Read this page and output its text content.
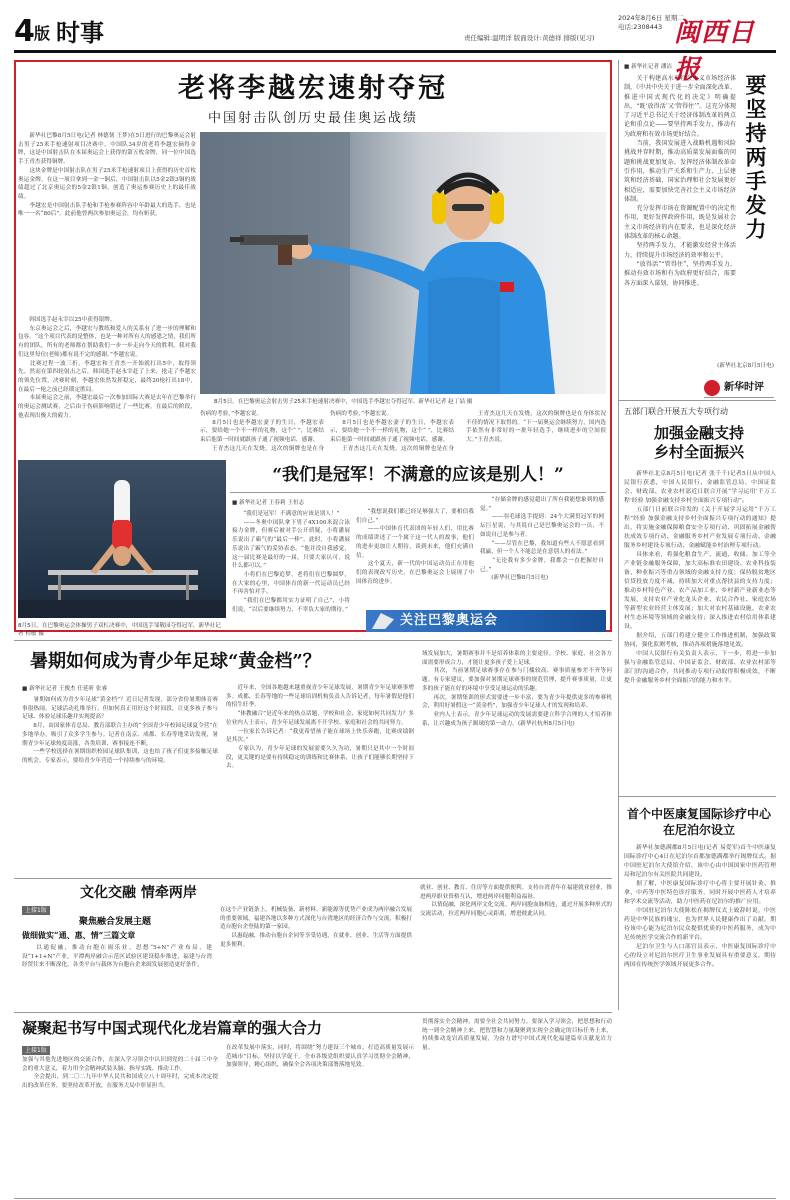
4 版 时事
2024年8月6日 星期二
电话:2308443
责任编辑:温明洋 版面设计:黄德祥 排版(见习)	闽西日报
老将李越宏速射夺冠
中国射击队创历史最佳奥运战绩
　　新华社巴黎8月5日电(记者 林德韧 王梦)在5日进行的巴黎奥运会射击男子25米手枪速射项目决赛中，中国队34岁的老将李越宏摘得金牌，这是中国射击队在本届奥运会上获得的第五枚金牌，同一位中国选手王青杰获得铜牌。
　　这块金牌是中国射击队在男子25米手枪速射项目上获得的历史首枚奥运金牌。在这一项目拿到一金一铜后，中国射击队以5金2银3铜的战绩超过了北京奥运会的5金2银1铜，创造了奥运参赛历史上的最佳战绩。
　　李越宏是中国射击队手枪和手枪参赛阵容中年龄最大的选手，也是唯一一名“80后”。此前他曾两次参加奥运会，均有斩获。
　　韩国选手赵永宰以25中获得银牌。
　　东京奥运会之后，李越宏与教练和爱人的关系有了进一步的理解和包容。“这个项目代表的是整体，也是一种对所有人的感恩之情，我们所有的团队，所有的老师都在帮助我们一步一步走向今天的胜利，我对我们这里每位(老师)都有说不完的感谢。”李越宏说。
　　比赛过程一波三折，李越宏和王青杰一开始就打出5中，取得领先。然而在第四轮射击之后，韩国选手赵永宰赶了上来，抢走了李越宏的领先位置，决赛时刻，李越宏依然发挥稳定，最终20枪打出18中，在最后一枪之前已经锁定胜局。
　　本届奥运会之前，李越宏最后一次参加国际大赛是去年在巴黎举行的奥运会测试赛，之后由于伤病影响错过了一些比赛，在最后的阶段，他表现出极大的毅力。
8月5日，在巴黎奥运会射击男子25米手枪速射决赛中，中国选手李越宏夺得冠军。新华社记者 赵丁喆 摄
伤病的考验，”李越宏说。
　　8月5日也是李越宏妻子的生日，李越宏表示，要给她一个不一样的礼物，这个“ ”，比赛结束后他第一时间就跟孩子通了视频电话，感谢。
　　王青杰这几天在发烧，这次的铜牌也是在身
伤病的考验，”李越宏说。
　　8月5日也是李越宏妻子的生日，李越宏表示，要给她一个不一样的礼物，这个“ ”，比赛结束后他第一时间就跟孩子通了视频电话，感谢。
　　王青杰这几天在发烧，这次的铜牌也是在身
　　王青杰这几天在发烧，这次的铜牌也是在身体状况不佳的情况下取得的。“下一届奥运会继续努力，国内选手依然有非常好的一批年轻选手，继续进步的空间很大。”王青杰说。
“我们是冠军！不满意的应该是别人！”
■ 新华社记者 王春莉 王恒志
　　“我们是冠军！不满意的应该是别人！”
　　——冬奥中国队拿下男子4X100米混合泳接力金牌，但赛后被对手公开质疑，小将潘展乐说出了霸气的“最后一棒”。此时，小将潘展乐说出了霸气的妥协表态。“他并没自我感觉，这一届比赛是最好的一届，只要大家认可，说什么都可以。”
　　小将们在巴黎追梦，老将们在巴黎圆梦，在大家的心里，中国体育的新一代运动员已经不再害怕对手。
　　“我们在巴黎都用实力证明了自己”，小将们说，“以后要继续努力，不辜负大家的期待。”
　　“我想说我们都已经足够强大了，要相信我们自己。”
　　——中国体育代表团的年轻人们，用比赛的成绩讲述了一个属于这一代人的故事，他们的进步更加让人期待，谈到未来，他们充满自信。
　　这个夏天，新一代的中国运动员正在用他们的表现改写历史，在巴黎奥运会上展现了中国体育的进步。
　　“存储金牌的感觉超出了所有我能想象到的感觉。”
　　——羽毛球选手提到：24个大满贯冠军的网坛巨星说，与其说自己是巴黎奥运会的一员，不如说自己是参与者。
　　“——尽管在巴黎，我知道有些人不愿意看到我赢，但一个人不能总是在意别人的看法。”
　　“无论我有多少金牌，我都会一直把握好自己。”
　　(新华社巴黎8月5日电)
8月5日，在巴黎奥运会体操男子双杠决赛中，中国选手邹敬园夺得冠军。新华社记者 程敏 摄
关注巴黎奥运会
■ 新华社记者 潘洁
要坚持两手发力
　　关于构建高水平社会主义市场经济体制，《中共中央关于进一步全面深化改革、推进中国式现代化的决定》明确提出，“既‘放得活’又‘管得住’”。这充分体现了习近平总书记关于经济体制改革的两点论和重点论——要坚持两手发力，推动有为政府和有效市场更好结合。
　　当前，我国发展进入战略机遇和风险挑战并存时期，推动高质量发展面临的问题和挑战更加复杂。发挥经济体制改革牵引作用，推动生产关系和生产力、上层建筑和经济基础、国家治理和社会发展更好相适应，需要加快完善社会主义市场经济体制。
　　充分发挥市场在资源配置中的决定性作用，更好发挥政府作用，既是发展社会主义市场经济的内在要求，也是深化经济体制改革的核心命题。
　　坚持两手发力，才能激发经营主体活力，持续提升市场经济的效率和公平。
　　“放得活”“管得住”，坚持两手发力，推动有效市场和有为政府更好结合，需要各方面深入谋划、协同推进。
(新华社北京8月5日电)
新华时评
五部门联合开展五大专项行动
加强金融支持
乡村全面振兴
　　新华社北京8月5日电(记者 张千千)记者5日从中国人民银行获悉，中国人民银行、金融监管总局、中国证监会、财政部、农业农村部近日联合开展“学习运用‘千万工程’经验 加强金融支持乡村全面振兴专项行动”。
　　五部门日前联合印发的《关于开展学习运用“千万工程”经验 加强金融支持乡村全面振兴专项行动的通知》提出，将实施金融保障粮食安全专项行动、巩固拓展金融帮扶成效专项行动、金融服务乡村产业发展专项行动、金融服务乡村建设专项行动、金融赋能乡村治理专项行动。
　　具体来看，将强化粮食生产、流通、收储、加工等全产业链金融服务保障，加大高标准农田建设、农业科技装备、种业振兴等重点领域的金融支持力度；保持脱贫地区信贷投放力度不减，持续加大对重点帮扶县的支持力度；推动乡村特色产业、农产品加工业、乡村新产业新业态等发展，支持农业产业化龙头企业、农民合作社、家庭农场等新型农业经营主体发展；加大对农村基础设施、农业农村生态环境等领域的金融支持；深入推进农村信用体系建设。
　　据介绍，五部门将建立健全工作推进机制，加强政策协同，强化监测考核，推动各项措施落地见效。
　　中国人民银行有关负责人表示，下一步，将进一步加强与金融监管总局、中国证监会、财政部、农业农村部等部门的沟通合作，共同推动专项行动取得积极成效，不断提升金融服务乡村全面振兴的能力和水平。
暑期如何成为青少年足球“黄金档”？
■ 新华社记者 王俊杰 任延昕 张睿
　　暑期如何成为青少年足球“黄金档”？近日记者发现，部分省份暑期体育赛事很热闹，足球活动扎堆举行。但如何真正用好这个时间段，让更多孩子参与足球、体验足球乐趣并实现提高？
　　8月，由国家体育总局、教育部联合主办的“全国青少年校园足球夏令营”在多地举办，吸引了众多学生参与。记者在南京、成都、长春等地采访发现，暑期青少年足球热度高涨，各类培训、赛事接连不断。
　　一些学校选择在暑期组织校园足球队集训，这也给了孩子们更多接触足球的机会。专家表示，要给青少年营造一个持续参与的环境。
　　近年来，全国各地越来越重视青少年足球发展，暑期青少年足球赛事增多。成都、长春等地的一些足球培训机构负责人告诉记者，每年暑假是他们的招生旺季。
　　“体教融合”是近年来的热点话题，学校和社会、家庭如何共同发力？多位业内人士表示，青少年足球发展离不开学校、家庭和社会的共同努力。
　　一位家长告诉记者：“我更希望孩子能在球场上快乐奔跑，比赛成绩倒是其次。”
　　专家认为，青少年足球的发展需要久久为功，暑期只是其中一个时间段，更关键的是要有持续稳定的训练和比赛体系，让孩子们能够长期坚持下去。
域发展加大，暑期赛事并不是培养体系的主要途径。学校、家庭、社会各方面需要形成合力，才能让更多孩子爱上足球。
　　其次，当前暑期足球赛事存在参与门槛较高、赛事质量参差不齐等问题。有专家建议，要加强对暑期足球赛事的规范管理，提升赛事质量，让更多的孩子能在好的环境中享受足球运动的乐趣。
　　再次，暑期集训的形式需要进一步丰富，要为青少年提供更多的参赛机会，利用好暑假这一“黄金档”，加强青少年足球人才的发现和培养。
　　业内人士表示，青少年足球运动的发展需要建立科学合理的人才培养体系，让兴趣成为孩子踢球的第一动力。(新华社杭州8月5日电)
文化交融 情牵两岸
上接1版
聚焦融合发展主题
做细做实“通、惠、情”三篇文章
　　以通促融，推动台胞在闽乐业。思想“5+N”产业布局，建设“1+1+N”产业，平潭两岸融合示范区试验区建设稳步推进，福建与台湾经贸往来不断深化，各类平台与载体为台胞台企来闽发展创造更好条件。
在这个产业链条上，机械装备、新材料、新能源等优势产业成为两岸融合发展的重要领域。福建各地以多种方式深化与台湾地区的经济合作与交流，积极打造台胞台企登陆的第一家园。
　　以惠促融，推动台胞台企同等享受待遇，在就业、创业、生活等方面提供更多便利。
就业、创业、教育、住房等方面提供便利。支持台湾青年在福建就业创业，推进两岸职业资格互认，增进两岸同胞利益福祉。
　　以情促融，深化两岸文化交流。两岸同胞血脉相连，通过开展多种形式的交流活动，拉近两岸同胞心灵距离，增进彼此认同。
凝聚起书写中国式现代化龙岩篇章的强大合力
上接1版
加强与其他先进地区的交流合作，在深入学习领会中认识到党的二十届三中全会的重大意义，着力用全会精神武装头脑、指导实践、推动工作。
　　全会提出，到二〇二九年中华人民共和国成立八十周年时，完成本决定提出的改革任务。要坚持改革开放，在服务大局中彰显担当。
在改革发展中落实，同时，将围绕“努力建设三个城市，打造高质量发展示范城市”目标，坚持以学促干。全市各级党组织要认真学习贯彻全会精神，加强领导，精心组织，确保全会各项决策部署落地见效。
贯彻落实全会精神，需要全社会共同努力。要深入学习领会，把思想和行动统一到全会精神上来，把智慧和力量凝聚到实现全会确定的目标任务上来，持续推动龙岩高质量发展，为奋力谱写中国式现代化福建篇章贡献龙岩力量。
首个中医康复国际诊疗中心
在尼泊尔设立
　　新华社加德满都8月5日电(记者 易爱军)首个中医康复国际诊疗中心4日在尼泊尔首都加德满都举行揭牌仪式。据中国驻尼泊尔大使馆介绍，该中心由中国国家中医药管理局和尼泊尔有关医院共同建设。
　　据了解，中医康复国际诊疗中心将主要开展针灸、推拿、中药等中医特色诊疗服务，同时开展中医药人才培养和学术交流等活动，助力中医药在尼泊尔的推广应用。
　　中国驻尼泊尔大使陈松在揭牌仪式上致辞时说，中医药是中华民族的瑰宝，也为世界人民健康作出了贡献。期待该中心能为尼泊尔民众提供优质的中医药服务，成为中尼传统医学交流合作的新平台。
　　尼泊尔卫生与人口部官员表示，中医康复国际诊疗中心的设立对尼泊尔医疗卫生事业发展具有重要意义，期待两国在传统医学领域开展更多合作。
